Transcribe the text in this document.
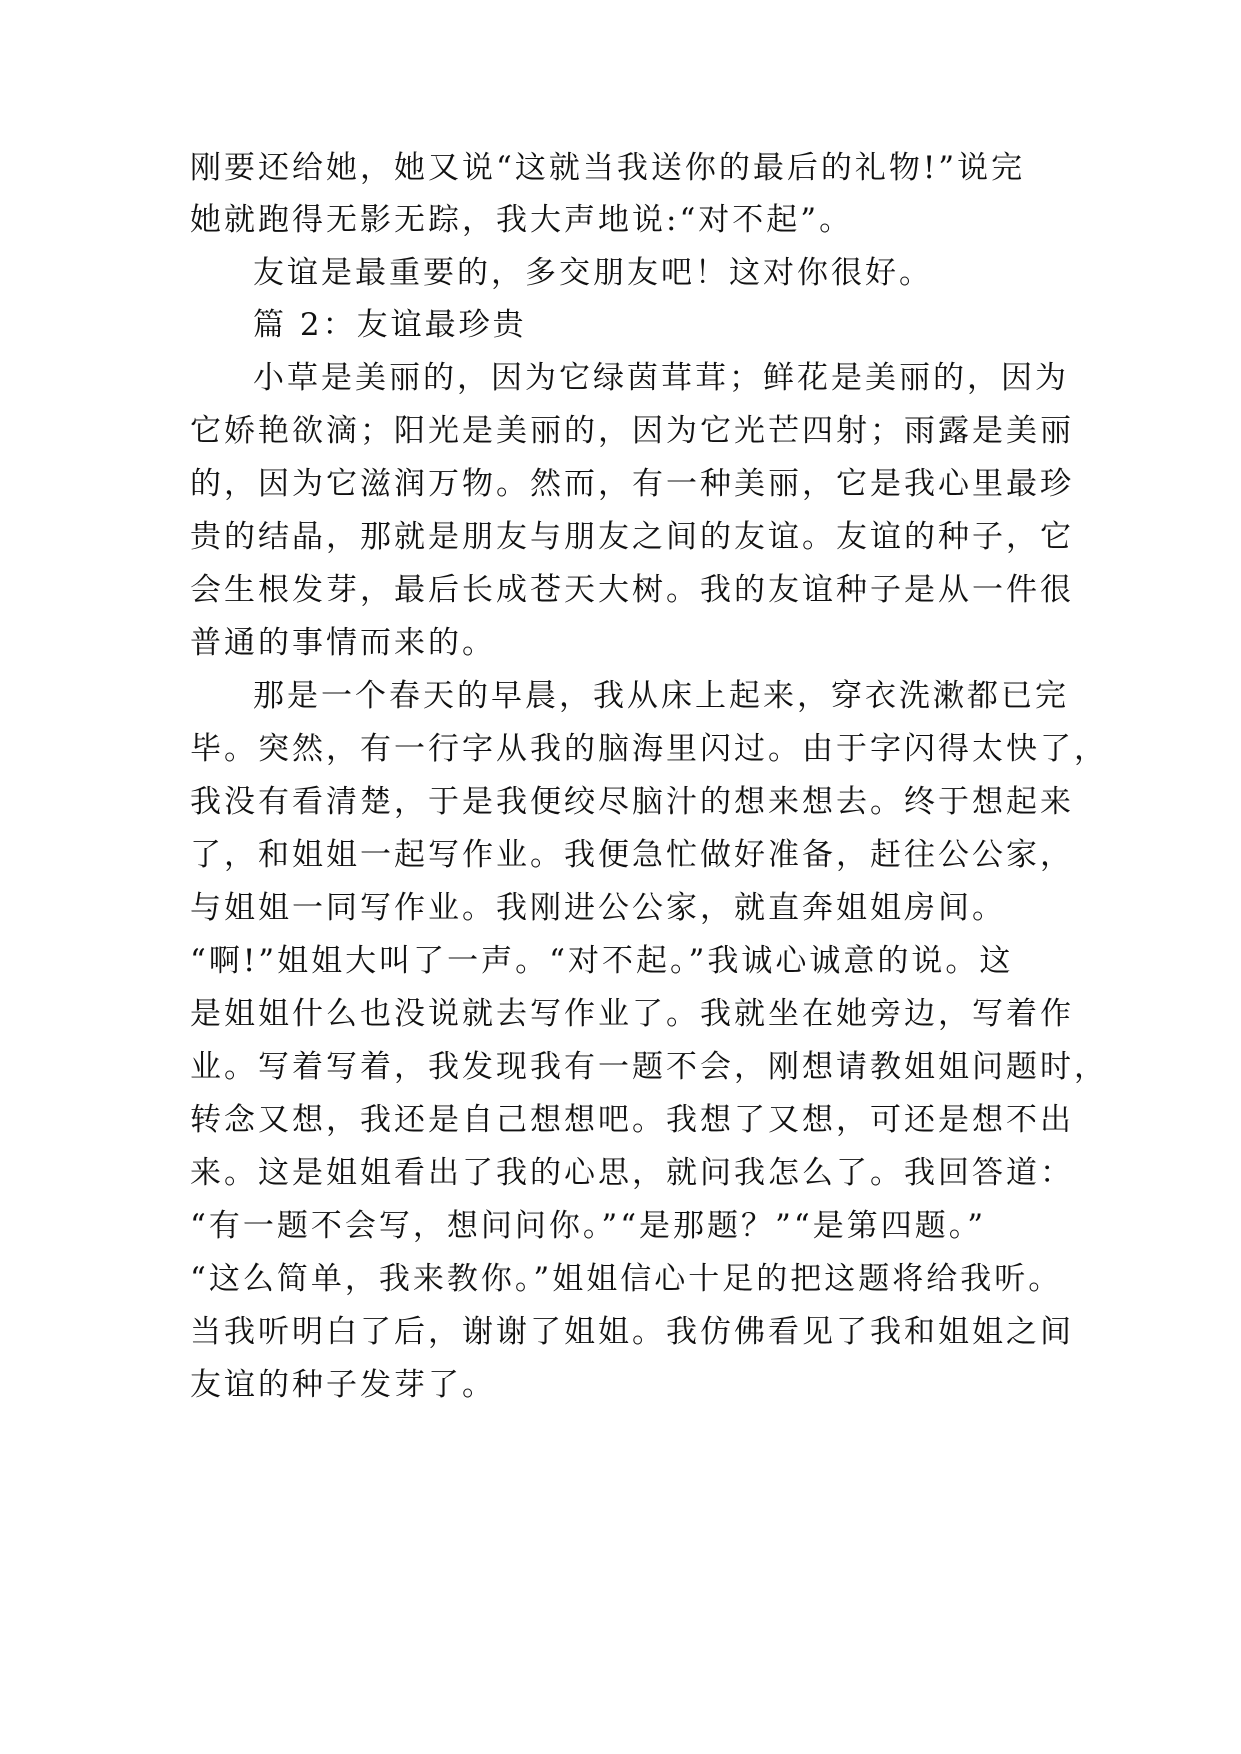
刚要还给她，她又说“这就当我送你的最后的礼物!”说完
她就跑得无影无踪，我大声地说:“对不起”。
友谊是最重要的，多交朋友吧！这对你很好。
篇 2：友谊最珍贵
小草是美丽的，因为它绿茵茸茸；鲜花是美丽的，因为
它娇艳欲滴；阳光是美丽的，因为它光芒四射；雨露是美丽
的，因为它滋润万物。然而，有一种美丽，它是我心里最珍
贵的结晶，那就是朋友与朋友之间的友谊。友谊的种子，它
会生根发芽，最后长成苍天大树。我的友谊种子是从一件很
普通的事情而来的。
那是一个春天的早晨，我从床上起来，穿衣洗漱都已完
毕。突然，有一行字从我的脑海里闪过。由于字闪得太快了，
我没有看清楚，于是我便绞尽脑汁的想来想去。终于想起来
了，和姐姐一起写作业。我便急忙做好准备，赶往公公家，
与姐姐一同写作业。我刚进公公家，就直奔姐姐房间。
“啊!”姐姐大叫了一声。“对不起。”我诚心诚意的说。这
是姐姐什么也没说就去写作业了。我就坐在她旁边，写着作
业。写着写着，我发现我有一题不会，刚想请教姐姐问题时，
转念又想，我还是自己想想吧。我想了又想，可还是想不出
来。这是姐姐看出了我的心思，就问我怎么了。我回答道：
“有一题不会写，想问问你。”“是那题？”“是第四题。”
“这么简单，我来教你。”姐姐信心十足的把这题将给我听。
当我听明白了后，谢谢了姐姐。我仿佛看见了我和姐姐之间
友谊的种子发芽了。
